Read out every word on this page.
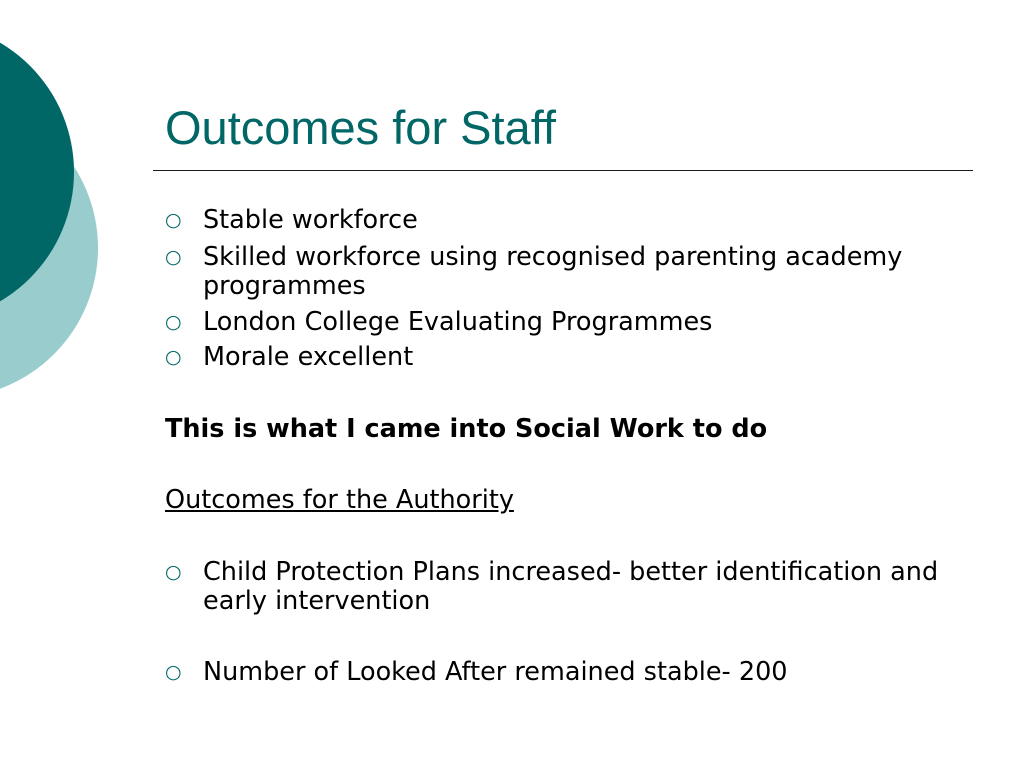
Outcomes for Staff
○ Stable workforce
○ Skilled workforce using recognised parenting academy programmes
○ London College Evaluating Programmes
○ Morale excellent
This is what I came into Social Work to do
Outcomes for the Authority
○ Child Protection Plans increased- better identification and early intervention
○ Number of Looked After remained stable- 200
